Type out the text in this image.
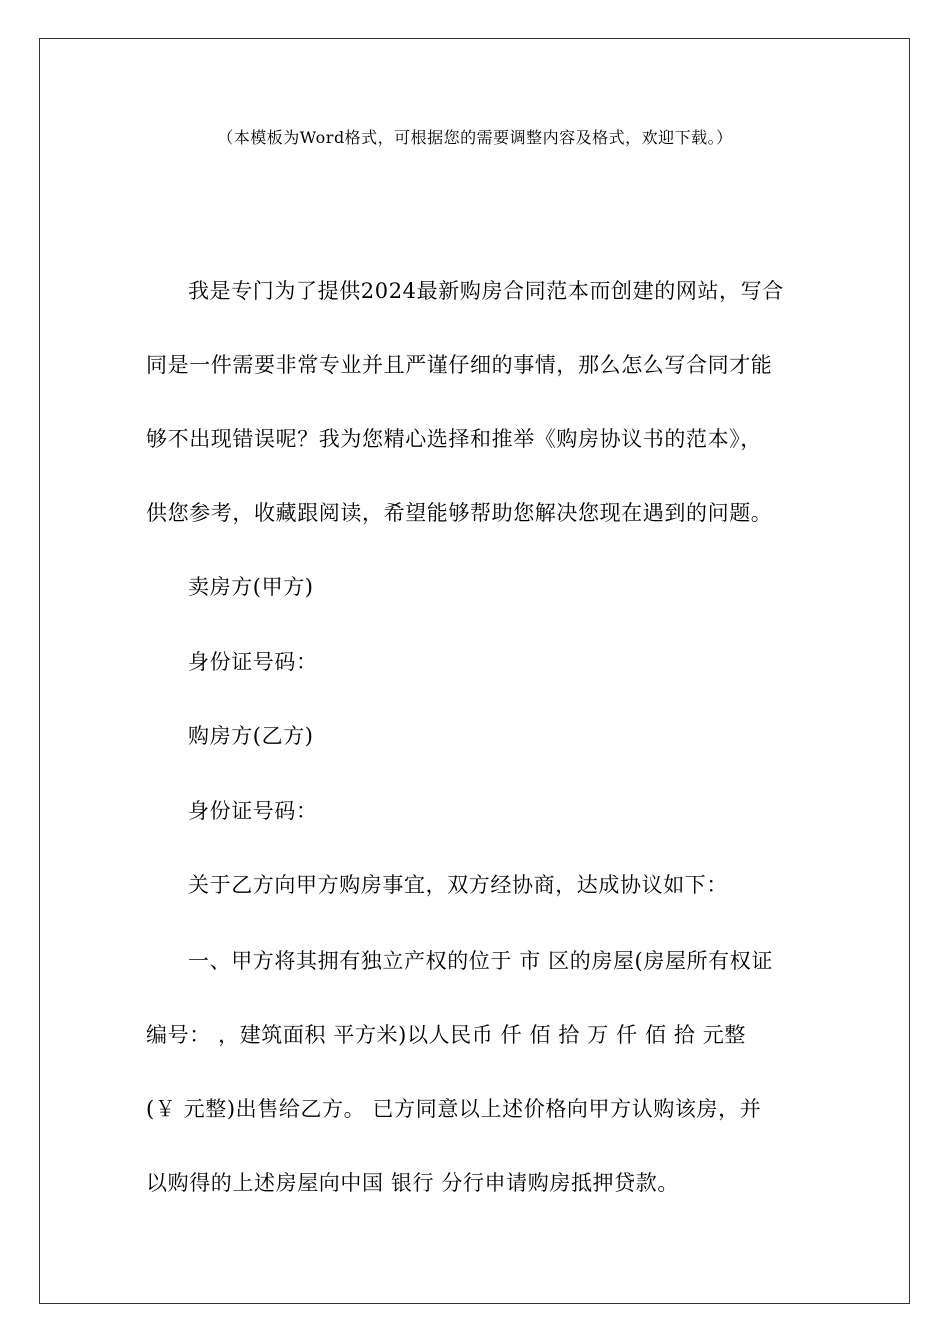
（本模板为Word格式，可根据您的需要调整内容及格式，欢迎下载。）
我是专门为了提供2024最新购房合同范本而创建的网站，写合
同是一件需要非常专业并且严谨仔细的事情，那么怎么写合同才能
够不出现错误呢？我为您精心选择和推举《购房协议书的范本》，
供您参考，收藏跟阅读，希望能够帮助您解决您现在遇到的问题。
卖房方(甲方)
身份证号码：
购房方(乙方)
身份证号码：
关于乙方向甲方购房事宜，双方经协商，达成协议如下：
一、甲方将其拥有独立产权的位于 市 区的房屋(房屋所有权证
编号： ，建筑面积 平方米)以人民币 仟 佰 拾 万 仟 佰 拾 元整
(￥ 元整)出售给乙方。 已方同意以上述价格向甲方认购该房，并
以购得的上述房屋向中国 银行 分行申请购房抵押贷款。
